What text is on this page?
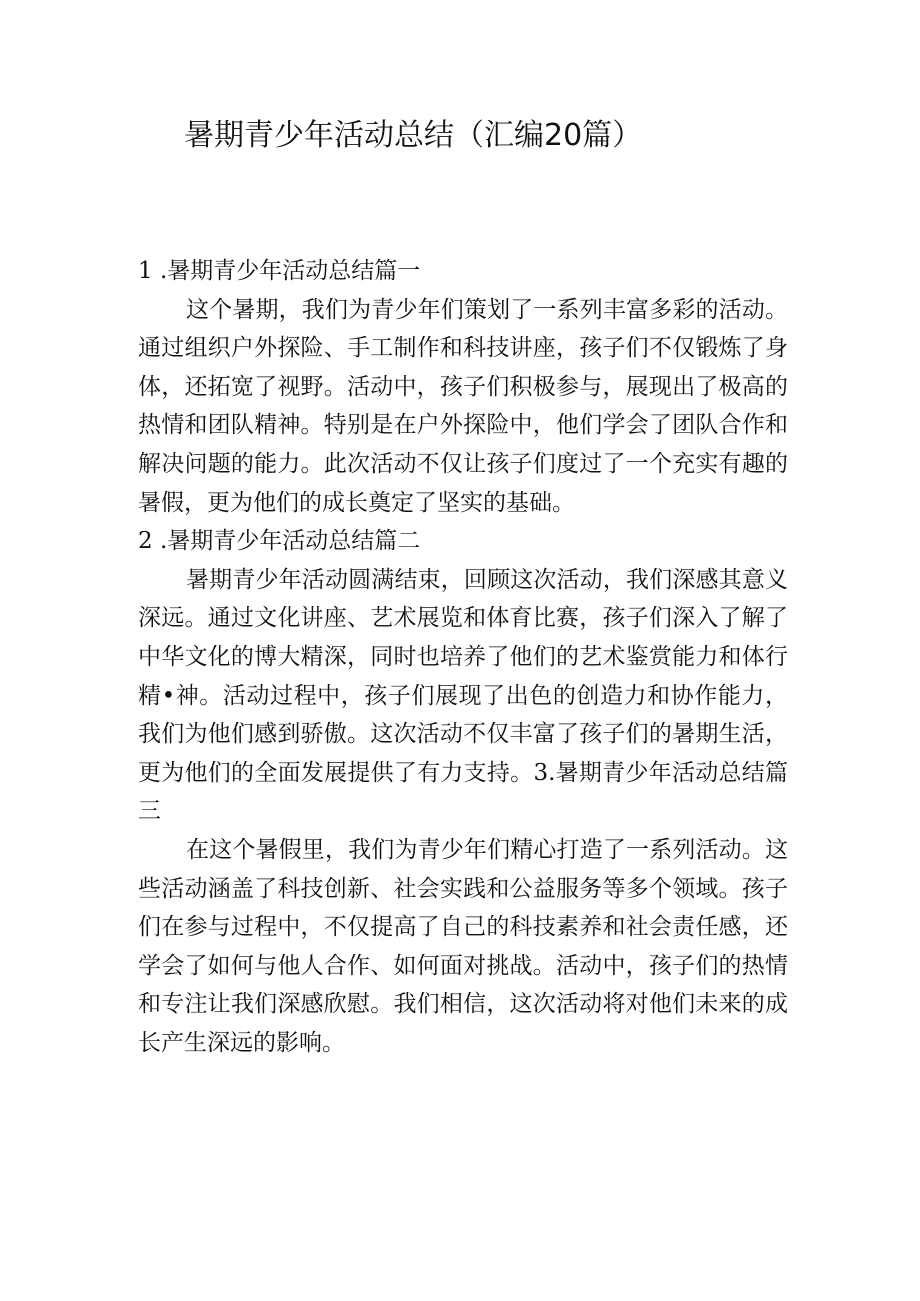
暑期青少年活动总结（汇编20篇）

1 .暑期青少年活动总结篇一

这个暑期，我们为青少年们策划了一系列丰富多彩的活动。通过组织户外探险、手工制作和科技讲座，孩子们不仅锻炼了身体，还拓宽了视野。活动中，孩子们积极参与，展现出了极高的热情和团队精神。特别是在户外探险中，他们学会了团队合作和解决问题的能力。此次活动不仅让孩子们度过了一个充实有趣的暑假，更为他们的成长奠定了坚实的基础。

2 .暑期青少年活动总结篇二

暑期青少年活动圆满结束，回顾这次活动，我们深感其意义深远。通过文化讲座、艺术展览和体育比赛，孩子们深入了解了中华文化的博大精深，同时也培养了他们的艺术鉴赏能力和体行精•神。活动过程中，孩子们展现了出色的创造力和协作能力，我们为他们感到骄傲。这次活动不仅丰富了孩子们的暑期生活，更为他们的全面发展提供了有力支持。3.暑期青少年活动总结篇三

在这个暑假里，我们为青少年们精心打造了一系列活动。这些活动涵盖了科技创新、社会实践和公益服务等多个领域。孩子们在参与过程中，不仅提高了自己的科技素养和社会责任感，还学会了如何与他人合作、如何面对挑战。活动中，孩子们的热情和专注让我们深感欣慰。我们相信，这次活动将对他们未来的成长产生深远的影响。
